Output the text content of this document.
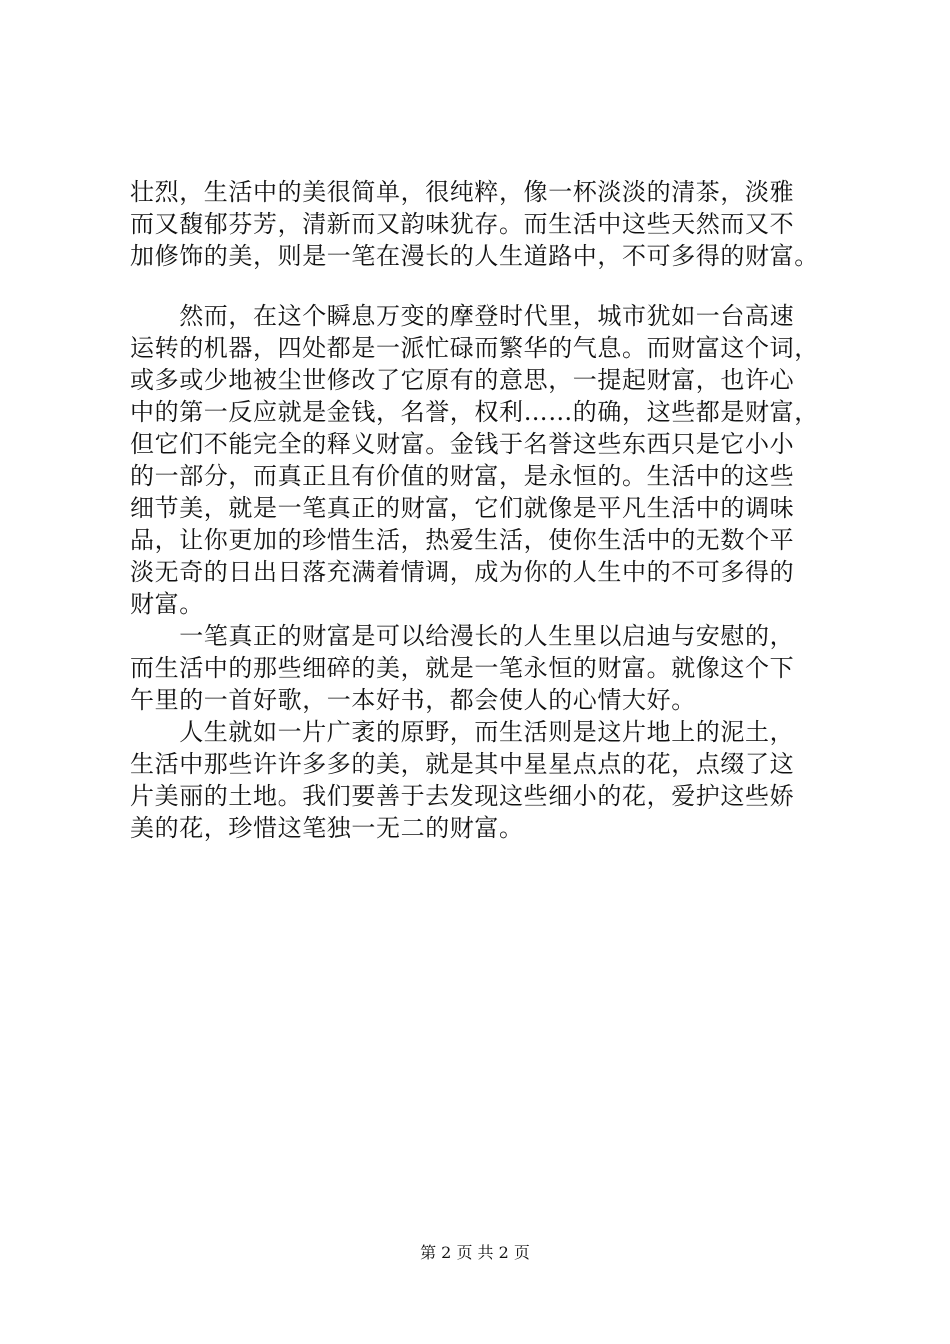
壮烈，生活中的美很简单，很纯粹，像一杯淡淡的清茶，淡雅
而又馥郁芬芳，清新而又韵味犹存。而生活中这些天然而又不
加修饰的美，则是一笔在漫长的人生道路中，不可多得的财富。
　　然而，在这个瞬息万变的摩登时代里，城市犹如一台高速
运转的机器，四处都是一派忙碌而繁华的气息。而财富这个词，
或多或少地被尘世修改了它原有的意思，一提起财富，也许心
中的第一反应就是金钱，名誉，权利……的确，这些都是财富，
但它们不能完全的释义财富。金钱于名誉这些东西只是它小小
的一部分，而真正且有价值的财富，是永恒的。生活中的这些
细节美，就是一笔真正的财富，它们就像是平凡生活中的调味
品，让你更加的珍惜生活，热爱生活，使你生活中的无数个平
淡无奇的日出日落充满着情调，成为你的人生中的不可多得的
财富。
　　一笔真正的财富是可以给漫长的人生里以启迪与安慰的，
而生活中的那些细碎的美，就是一笔永恒的财富。就像这个下
午里的一首好歌，一本好书，都会使人的心情大好。
　　人生就如一片广袤的原野，而生活则是这片地上的泥土，
生活中那些许许多多的美，就是其中星星点点的花，点缀了这
片美丽的土地。我们要善于去发现这些细小的花，爱护这些娇
美的花，珍惜这笔独一无二的财富。
第 2 页 共 2 页
